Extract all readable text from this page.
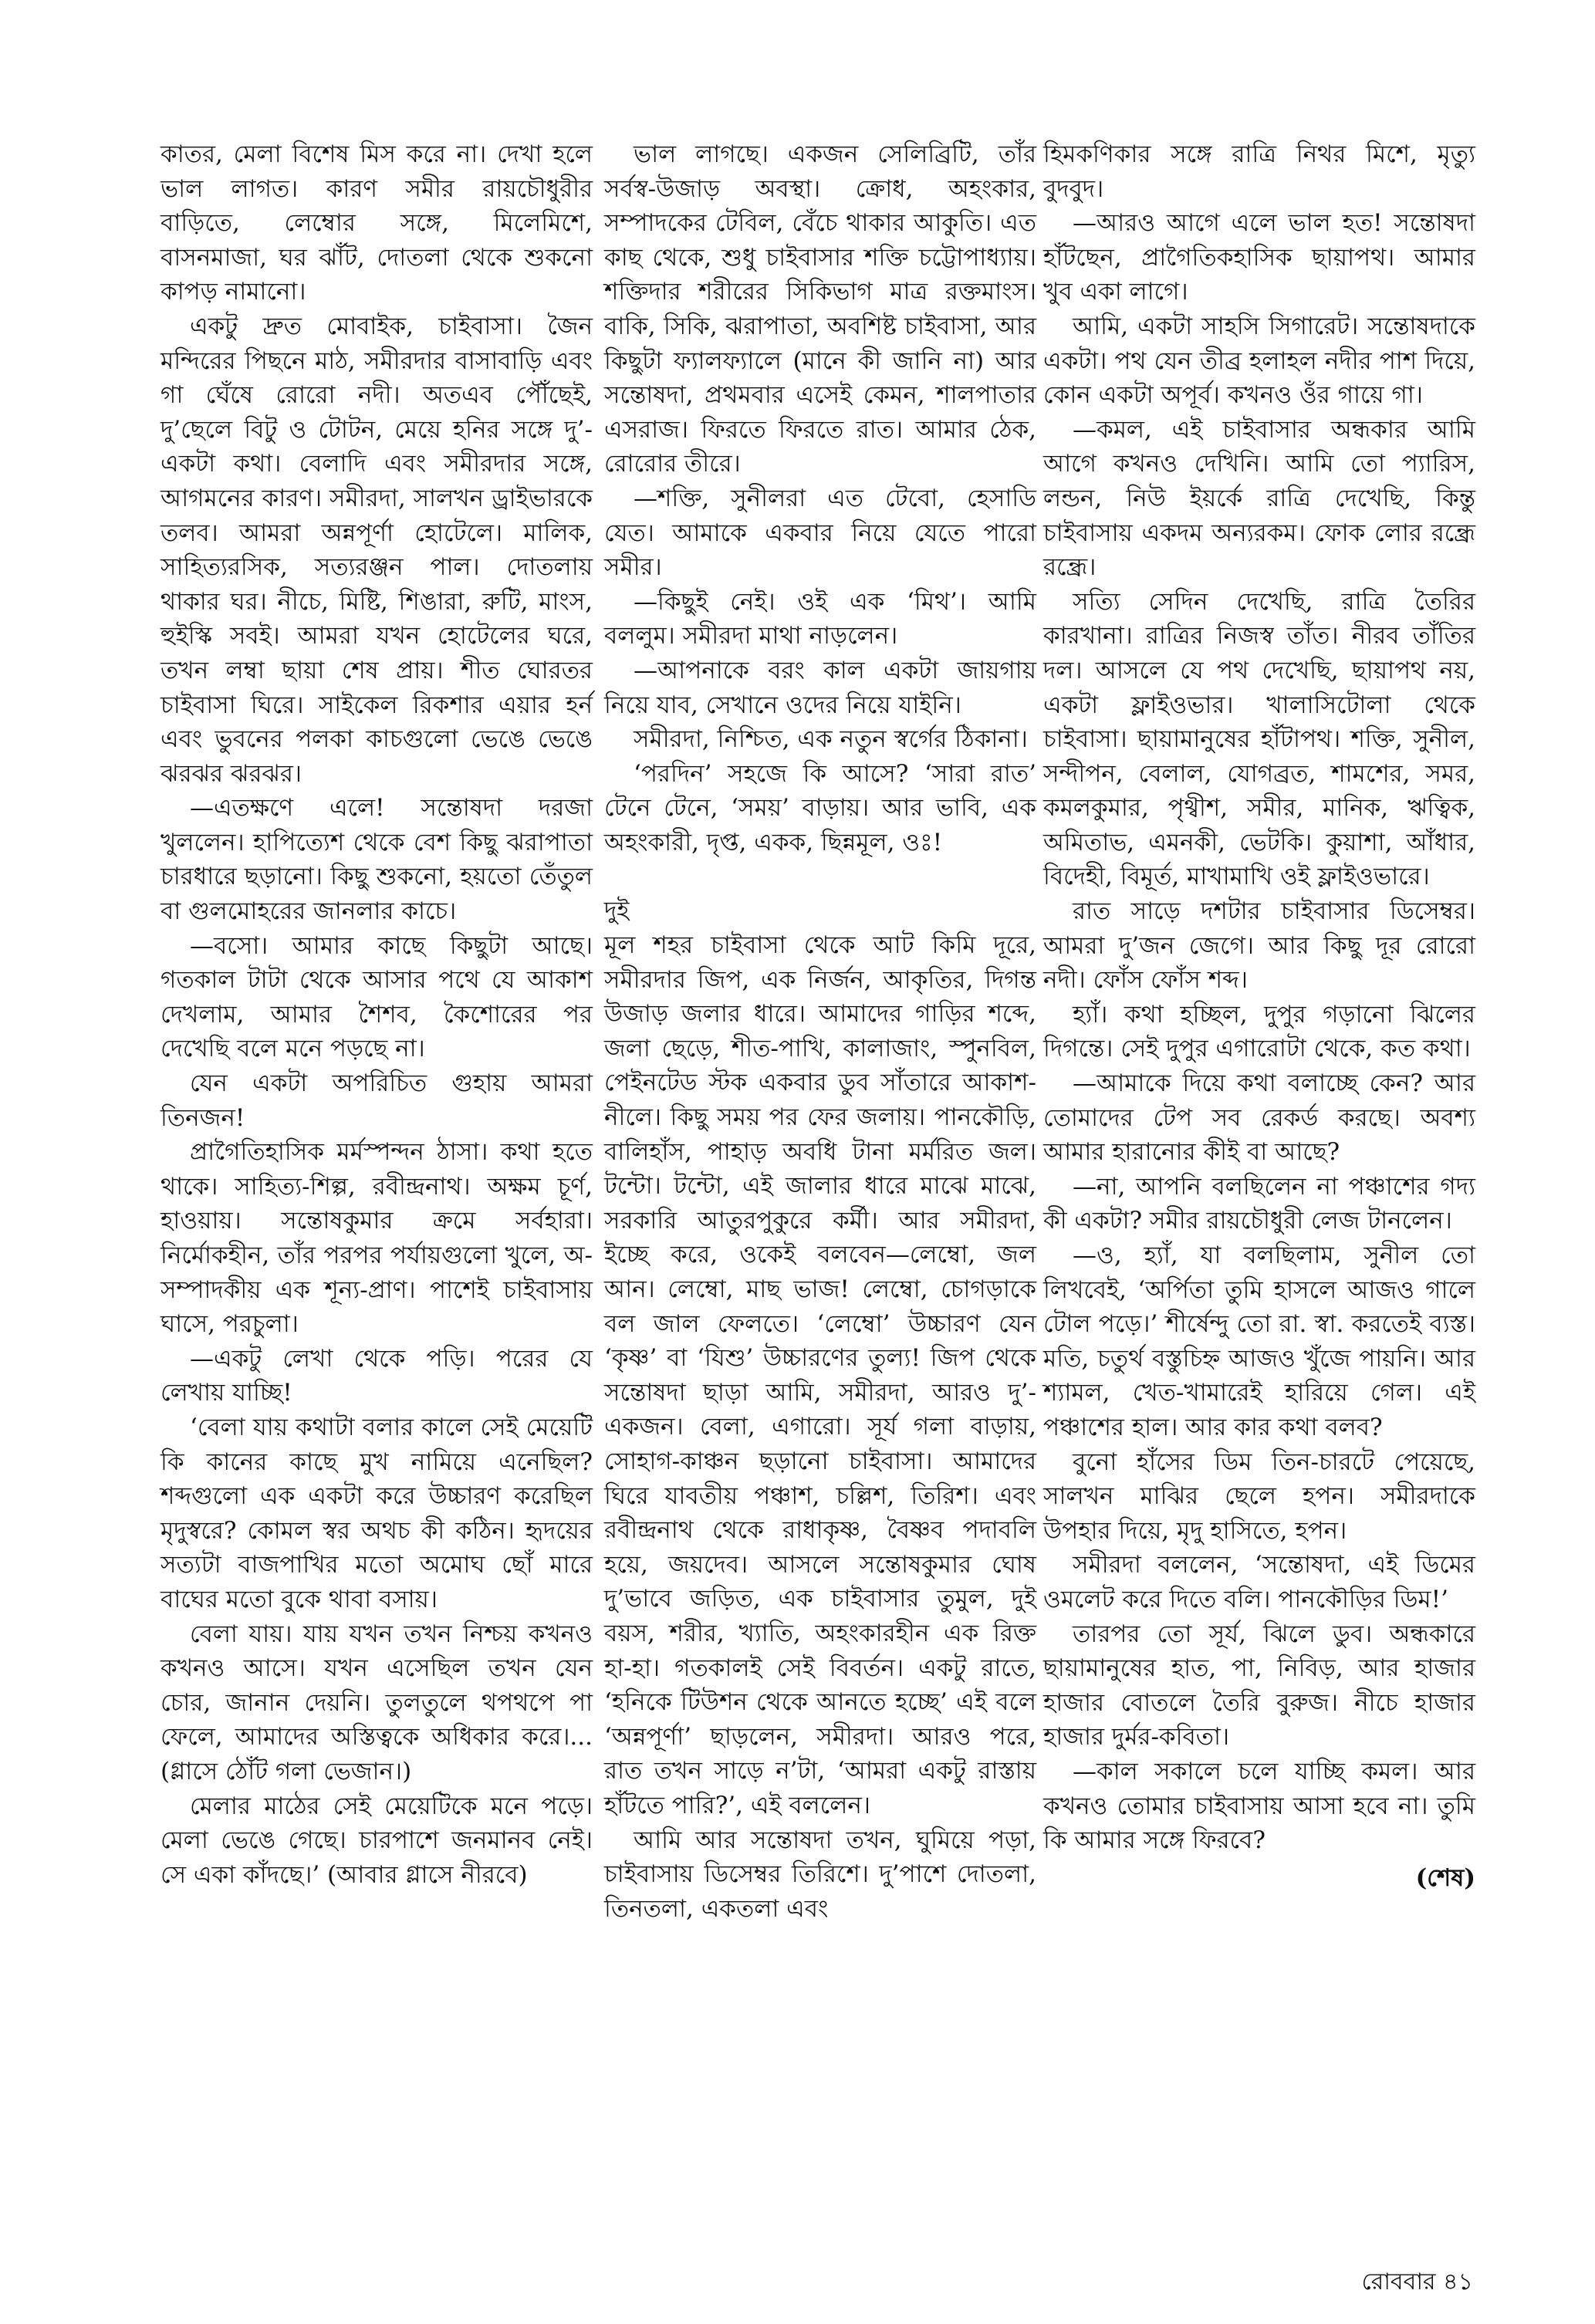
কাতর, মেলা বিশেষ মিস করে না। দেখা হলে ভাল লাগত। কারণ সমীর রায়চৌধুরীর বাড়িতে, লেম্বোর সঙ্গে, মিলেমিশে, বাসনমাজা, ঘর ঝাঁট, দোতলা থেকে শুকনো কাপড় নামানো।

একটু দ্রুত মোবাইক, চাইবাসা। জৈন মন্দিরের পিছনে মাঠ, সমীরদার বাসাবাড়ি এবং গা ঘেঁষে রোরো নদী। অতএব পৌঁছেই, দু’ছেলে বিটু ও টোটন, মেয়ে হনির সঙ্গে দু’-একটা কথা। বেলাদি এবং সমীরদার সঙ্গে, আগমনের কারণ। সমীরদা, সালখন ড্রাইভারকে তলব। আমরা অন্নপূর্ণা হোটেলে। মালিক, সাহিত্যরসিক, সত্যরঞ্জন পাল। দোতলায় থাকার ঘর। নীচে, মিষ্টি, শিঙারা, রুটি, মাংস, হুইস্কি সবই। আমরা যখন হোটেলের ঘরে, তখন লম্বা ছায়া শেষ প্রায়। শীত ঘোরতর চাইবাসা ঘিরে। সাইকেল রিকশার এয়ার হর্ন এবং ভুবনের পলকা কাচগুলো ভেঙে ভেঙে ঝরঝর ঝরঝর।

—এতক্ষণে এলে! সন্তোষদা দরজা খুললেন। হাপিত্যেশ থেকে বেশ কিছু ঝরাপাতা চারধারে ছড়ানো। কিছু শুকনো, হয়তো তেঁতুল বা গুলমোহরের জানলার কাচে।

—বসো। আমার কাছে কিছুটা আছে। গতকাল টাটা থেকে আসার পথে যে আকাশ দেখলাম, আমার শৈশব, কৈশোরের পর দেখেছি বলে মনে পড়ছে না।

যেন একটা অপরিচিত গুহায় আমরা তিনজন!

প্রাগৈতিহাসিক মর্মস্পন্দন ঠাসা। কথা হতে থাকে। সাহিত্য-শিল্প, রবীন্দ্রনাথ। অক্ষম চূর্ণ, হাওয়ায়। সন্তোষকুমার ক্রমে সর্বহারা। নির্মোকহীন, তাঁর পরপর পর্যায়গুলো খুলে, অ-সম্পাদকীয় এক শূন্য-প্রাণ। পাশেই চাইবাসায় ঘাসে, পরচুলা।

—একটু লেখা থেকে পড়ি। পরের যে লেখায় যাচ্ছি!

‘বেলা যায় কথাটা বলার কালে সেই মেয়েটি কি কানের কাছে মুখ নামিয়ে এনেছিল? শব্দগুলো এক একটা করে উচ্চারণ করেছিল মৃদুস্বরে? কোমল স্বর অথচ কী কঠিন। হৃদয়ের সত্যটা বাজপাখির মতো অমোঘ ছোঁ মারে বাঘের মতো বুকে থাবা বসায়।

বেলা যায়। যায় যখন তখন নিশ্চয় কখনও কখনও আসে। যখন এসেছিল তখন যেন চোর, জানান দেয়নি। তুলতুলে থপথপে পা ফেলে, আমাদের অস্তিত্বকে অধিকার করে।... (গ্লাসে ঠোঁট গলা ভেজান।)

মেলার মাঠের সেই মেয়েটিকে মনে পড়ে। মেলা ভেঙে গেছে। চারপাশে জনমানব নেই। সে একা কাঁদছে।’ (আবার গ্লাসে নীরবে)

ভাল লাগছে। একজন সেলিব্রিটি, তাঁর সর্বস্ব-উজাড় অবস্থা। ক্রোধ, অহংকার, সম্পাদকের টেবিল, বেঁচে থাকার আকুতি। এত কাছ থেকে, শুধু চাইবাসার শক্তি চট্টোপাধ্যায়। শক্তিদার শরীরের সিকিভাগ মাত্র রক্তমাংস। বাকি, সিকি, ঝরাপাতা, অবশিষ্ট চাইবাসা, আর কিছুটা ফ্যালফ্যালে (মানে কী জানি না) আর সন্তোষদা, প্রথমবার এসেই কেমন, শালপাতার এসরাজ। ফিরতে ফিরতে রাত। আমার ঠেক, রোরোর তীরে।

—শক্তি, সুনীলরা এত টেবো, হেসাডি যেত। আমাকে একবার নিয়ে যেতে পারো সমীর।

—কিছুই নেই। ওই এক ‘মিথ’। আমি বললুম। সমীরদা মাথা নাড়লেন।

—আপনাকে বরং কাল একটা জায়গায় নিয়ে যাব, সেখানে ওদের নিয়ে যাইনি।

সমীরদা, নিশ্চিত, এক নতুন স্বর্গের ঠিকানা।

‘পরদিন’ সহজে কি আসে? ‘সারা রাত’ টেনে টেনে, ‘সময়’ বাড়ায়। আর ভাবি, এক অহংকারী, দৃপ্ত, একক, ছিন্নমূল, ওঃ!

দুই

মূল শহর চাইবাসা থেকে আট কিমি দূরে, সমীরদার জিপ, এক নির্জন, আকৃতির, দিগন্ত উজাড় জলার ধারে। আমাদের গাড়ির শব্দে, জলা ছেড়ে, শীত-পাখি, কালাজাং, স্পুনবিল, পেইনটেড স্টক একবার ডুব সাঁতারে আকাশ-নীলে। কিছু সময় পর ফের জলায়। পানকৌড়ি, বালিহাঁস, পাহাড় অবধি টানা মর্মরিত জল। টন্টো। টন্টো, এই জালার ধারে মাঝে মাঝে, সরকারি আতুরপুকুরে কর্মী। আর সমীরদা, ইচ্ছে করে, ওকেই বলবেন—লেম্বো, জল আন। লেম্বো, মাছ ভাজ! লেম্বো, চোগড়াকে বল জাল ফেলতে। ‘লেম্বো’ উচ্চারণ যেন ‘কৃষ্ণ’ বা ‘যিশু’ উচ্চারণের তুল্য! জিপ থেকে সন্তোষদা ছাড়া আমি, সমীরদা, আরও দু’-একজন। বেলা, এগারো। সূর্য গলা বাড়ায়, সোহাগ-কাঞ্চন ছড়ানো চাইবাসা। আমাদের ঘিরে যাবতীয় পঞ্চাশ, চল্লিশ, তিরিশ। এবং রবীন্দ্রনাথ থেকে রাধাকৃষ্ণ, বৈষ্ণব পদাবলি হয়ে, জয়দেব। আসলে সন্তোষকুমার ঘোষ দু’ভাবে জড়িত, এক চাইবাসার তুমুল, দুই বয়স, শরীর, খ্যাতি, অহংকারহীন এক রিক্ত হা-হা। গতকালই সেই বিবর্তন। একটু রাতে, ‘হনিকে টিউশন থেকে আনতে হচ্ছে’ এই বলে ‘অন্নপূর্ণা’ ছাড়লেন, সমীরদা। আরও পরে, রাত তখন সাড়ে ন’টা, ‘আমরা একটু রাস্তায় হাঁটতে পারি?’, এই বললেন।

আমি আর সন্তোষদা তখন, ঘুমিয়ে পড়া, চাইবাসায় ডিসেম্বর তিরিশে। দু’পাশে দোতলা, তিনতলা, একতলা এবং

হিমকণিকার সঙ্গে রাত্রি নিথর মিশে, মৃত্যু বুদবুদ।

—আরও আগে এলে ভাল হত! সন্তোষদা হাঁটছেন, প্রাগৈতিকহাসিক ছায়াপথ। আমার খুব একা লাগে।

আমি, একটা সাহসি সিগারেট। সন্তোষদাকে একটা। পথ যেন তীব্র হলাহল নদীর পাশ দিয়ে, কোন একটা অপূর্ব। কখনও ওঁর গায়ে গা।

—কমল, এই চাইবাসার অন্ধকার আমি আগে কখনও দেখিনি। আমি তো প্যারিস, লন্ডন, নিউ ইয়র্কে রাত্রি দেখেছি, কিন্তু চাইবাসায় একদম অন্যরকম। ফোক লোর রন্ধ্রে রন্ধ্রে।

সত্যি সেদিন দেখেছি, রাত্রি তৈরির কারখানা। রাত্রির নিজস্ব তাঁত। নীরব তাঁতির দল। আসলে যে পথ দেখেছি, ছায়াপথ নয়, একটা ফ্লাইওভার। খালাসিটোলা থেকে চাইবাসা। ছায়ামানুষের হাঁটাপথ। শক্তি, সুনীল, সন্দীপন, বেলাল, যোগব্রত, শামশের, সমর, কমলকুমার, পৃথ্বীশ, সমীর, মানিক, ঋত্বিক, অমিতাভ, এমনকী, ভেটকি। কুয়াশা, আঁধার, বিদেহী, বিমূর্ত, মাখামাখি ওই ফ্লাইওভারে।

রাত সাড়ে দশটার চাইবাসার ডিসেম্বর। আমরা দু’জন জেগে। আর কিছু দূর রোরো নদী। ফোঁস ফোঁস শব্দ।

হ্যাঁ। কথা হচ্ছিল, দুপুর গড়ানো ঝিলের দিগন্তে। সেই দুপুর এগারোটা থেকে, কত কথা।

—আমাকে দিয়ে কথা বলাচ্ছে কেন? আর তোমাদের টেপ সব রেকর্ড করছে। অবশ্য আমার হারানোর কীই বা আছে?

—না, আপনি বলছিলেন না পঞ্চাশের গদ্য কী একটা? সমীর রায়চৌধুরী লেজ টানলেন।

—ও, হ্যাঁ, যা বলছিলাম, সুনীল তো লিখবেই, ‘অর্পিতা তুমি হাসলে আজও গালে টোল পড়ে।’ শীর্ষেন্দু তো রা. স্বা. করতেই ব্যস্ত। মতি, চতুর্থ বস্তুচিহ্ন আজও খুঁজে পায়নি। আর শ্যামল, খেত-খামারেই হারিয়ে গেল। এই পঞ্চাশের হাল। আর কার কথা বলব?

বুনো হাঁসের ডিম তিন-চারটে পেয়েছে, সালখন মাঝির ছেলে হপন। সমীরদাকে উপহার দিয়ে, মৃদু হাসিতে, হপন।

সমীরদা বললেন, ‘সন্তোষদা, এই ডিমের ওমলেট করে দিতে বলি। পানকৌড়ির ডিম!’

তারপর তো সূর্য, ঝিলে ডুব। অন্ধকারে ছায়ামানুষের হাত, পা, নিবিড়, আর হাজার হাজার বোতলে তৈরি বুরুজ। নীচে হাজার হাজার দুর্মর-কবিতা।

—কাল সকালে চলে যাচ্ছি কমল। আর কখনও তোমার চাইবাসায় আসা হবে না। তুমি কি আমার সঙ্গে ফিরবে?

(শেষ)

রোববার ৪১
